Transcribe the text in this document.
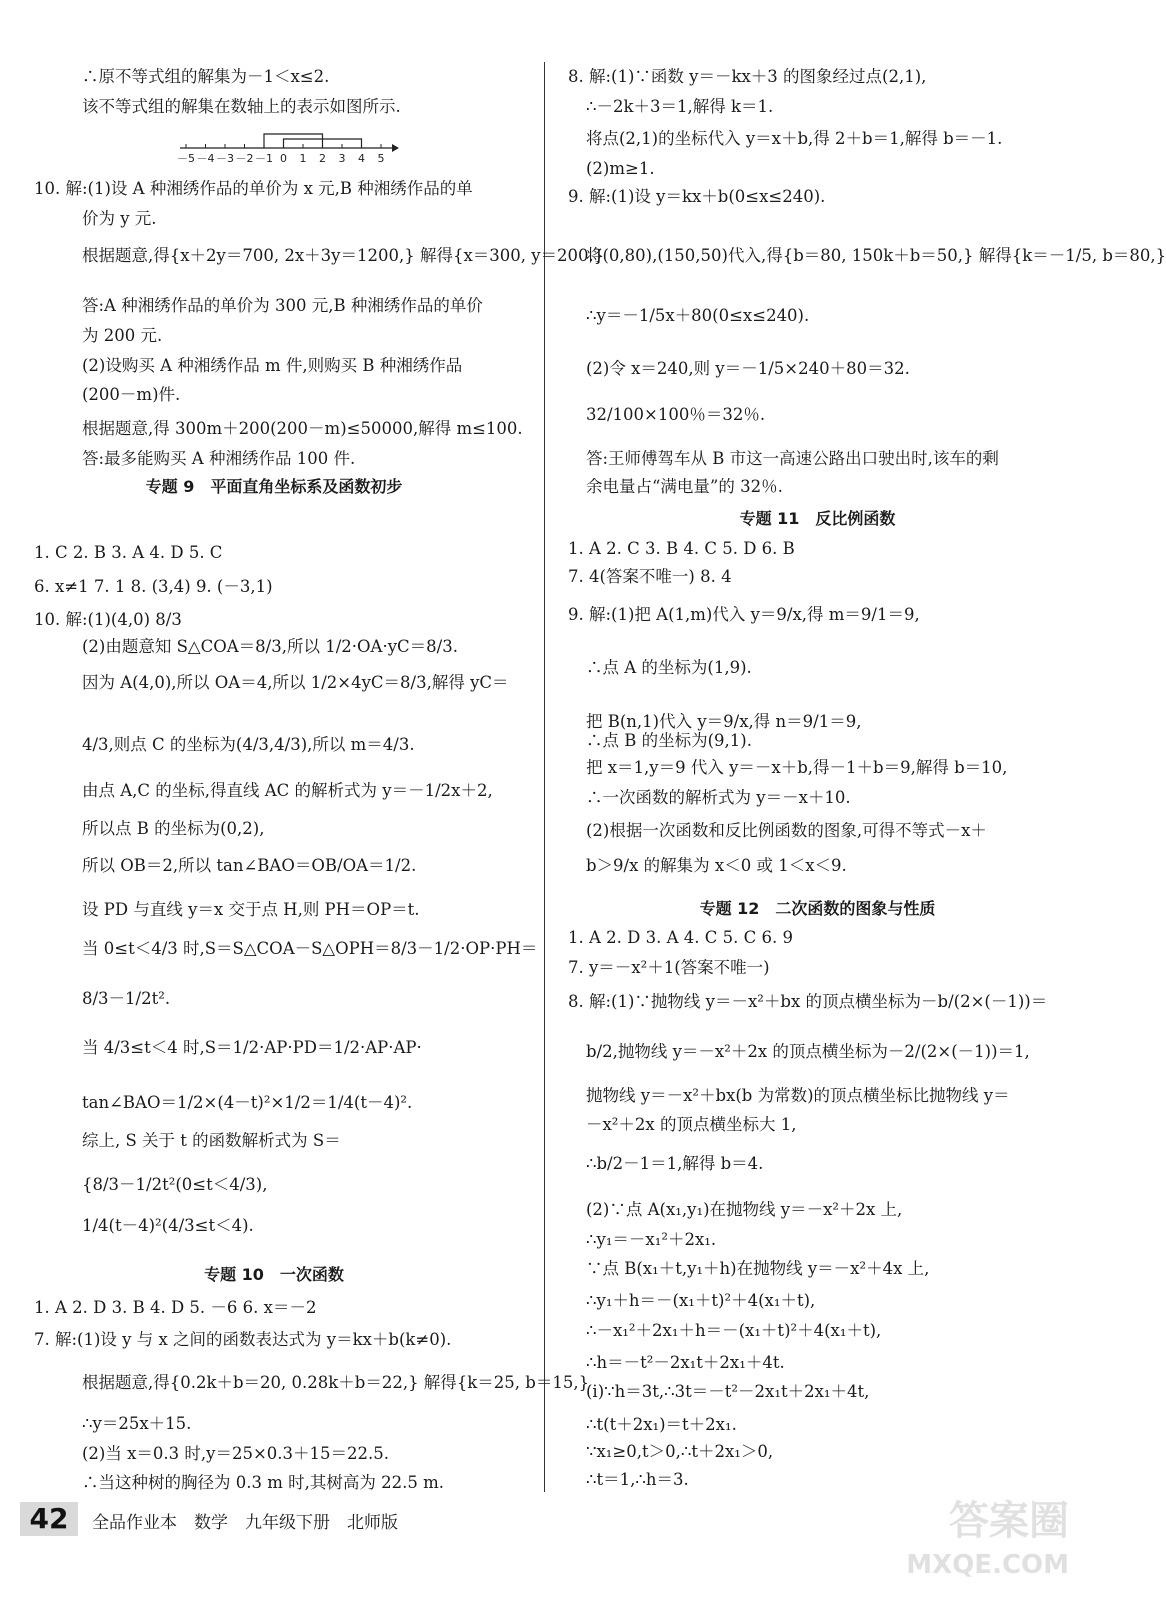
∴原不等式组的解集为－1＜x≤2.
该不等式组的解集在数轴上的表示如图所示.
10. 解:(1)设 A 种湘绣作品的单价为 x 元,B 种湘绣作品的单
价为 y 元.
根据题意,得{x＋2y＝700, 2x＋3y＝1200,} 解得{x＝300, y＝200.}
答:A 种湘绣作品的单价为 300 元,B 种湘绣作品的单价
为 200 元.
(2)设购买 A 种湘绣作品 m 件,则购买 B 种湘绣作品
(200－m)件.
根据题意,得 300m＋200(200－m)≤50000,解得 m≤100.
答:最多能购买 A 种湘绣作品 100 件.
1. C 2. B 3. A 4. D 5. C
6. x≠1 7. 1 8. (3,4) 9. (－3,1)
10. 解:(1)(4,0) 8/3
(2)由题意知 S△COA＝8/3,所以 1/2·OA·yC＝8/3.
因为 A(4,0),所以 OA＝4,所以 1/2×4yC＝8/3,解得 yC＝
4/3,则点 C 的坐标为(4/3,4/3),所以 m＝4/3.
由点 A,C 的坐标,得直线 AC 的解析式为 y＝－1/2x＋2,
所以点 B 的坐标为(0,2),
所以 OB＝2,所以 tan∠BAO＝OB/OA＝1/2.
设 PD 与直线 y＝x 交于点 H,则 PH＝OP＝t.
当 0≤t＜4/3 时,S＝S△COA－S△OPH＝8/3－1/2·OP·PH＝
8/3－1/2t².
当 4/3≤t＜4 时,S＝1/2·AP·PD＝1/2·AP·AP·
tan∠BAO＝1/2×(4－t)²×1/2＝1/4(t－4)².
综上, S 关于 t 的函数解析式为 S＝
{8/3－1/2t²(0≤t＜4/3),
1/4(t－4)²(4/3≤t＜4).
1. A 2. D 3. B 4. D 5. －6 6. x＝－2
7. 解:(1)设 y 与 x 之间的函数表达式为 y＝kx＋b(k≠0).
根据题意,得{0.2k＋b＝20, 0.28k＋b＝22,} 解得{k＝25, b＝15,}
∴y＝25x＋15.
(2)当 x＝0.3 时,y＝25×0.3＋15＝22.5.
∴当这种树的胸径为 0.3 m 时,其树高为 22.5 m.
专题 9　平面直角坐标系及函数初步
专题 10　一次函数
8. 解:(1)∵函数 y＝－kx＋3 的图象经过点(2,1),
∴－2k＋3＝1,解得 k＝1.
将点(2,1)的坐标代入 y＝x＋b,得 2＋b＝1,解得 b＝－1.
(2)m≥1.
9. 解:(1)设 y＝kx＋b(0≤x≤240).
将(0,80),(150,50)代入,得{b＝80, 150k＋b＝50,} 解得{k＝－1/5, b＝80,}
∴y＝－1/5x＋80(0≤x≤240).
(2)令 x＝240,则 y＝－1/5×240＋80＝32.
32/100×100％＝32％.
答:王师傅驾车从 B 市这一高速公路出口驶出时,该车的剩
余电量占“满电量”的 32％.
1. A 2. C 3. B 4. C 5. D 6. B
7. 4(答案不唯一) 8. 4
9. 解:(1)把 A(1,m)代入 y＝9/x,得 m＝9/1＝9,
∴点 A 的坐标为(1,9).
把 B(n,1)代入 y＝9/x,得 n＝9/1＝9,
∴点 B 的坐标为(9,1).
把 x＝1,y＝9 代入 y＝－x＋b,得－1＋b＝9,解得 b＝10,
∴一次函数的解析式为 y＝－x＋10.
(2)根据一次函数和反比例函数的图象,可得不等式－x＋
b＞9/x 的解集为 x＜0 或 1＜x＜9.
1. A 2. D 3. A 4. C 5. C 6. 9
7. y＝－x²＋1(答案不唯一)
8. 解:(1)∵抛物线 y＝－x²＋bx 的顶点横坐标为－b/(2×(－1))＝
b/2,抛物线 y＝－x²＋2x 的顶点横坐标为－2/(2×(－1))＝1,
抛物线 y＝－x²＋bx(b 为常数)的顶点横坐标比抛物线 y＝
－x²＋2x 的顶点横坐标大 1,
∴b/2－1＝1,解得 b＝4.
(2)∵点 A(x₁,y₁)在抛物线 y＝－x²＋2x 上,
∴y₁＝－x₁²＋2x₁.
∵点 B(x₁＋t,y₁＋h)在抛物线 y＝－x²＋4x 上,
∴y₁＋h＝－(x₁＋t)²＋4(x₁＋t),
∴－x₁²＋2x₁＋h＝－(x₁＋t)²＋4(x₁＋t),
∴h＝－t²－2x₁t＋2x₁＋4t.
(i)∵h＝3t,∴3t＝－t²－2x₁t＋2x₁＋4t,
∴t(t＋2x₁)＝t＋2x₁.
∵x₁≥0,t＞0,∴t＋2x₁＞0,
∴t＝1,∴h＝3.
专题 11　反比例函数
专题 12　二次函数的图象与性质
－5 －4 －3 －2 －1 0 1 2 3 4 5
42	全品作业本　数学　九年级下册　北师版	答案圈
MXQE.COM
